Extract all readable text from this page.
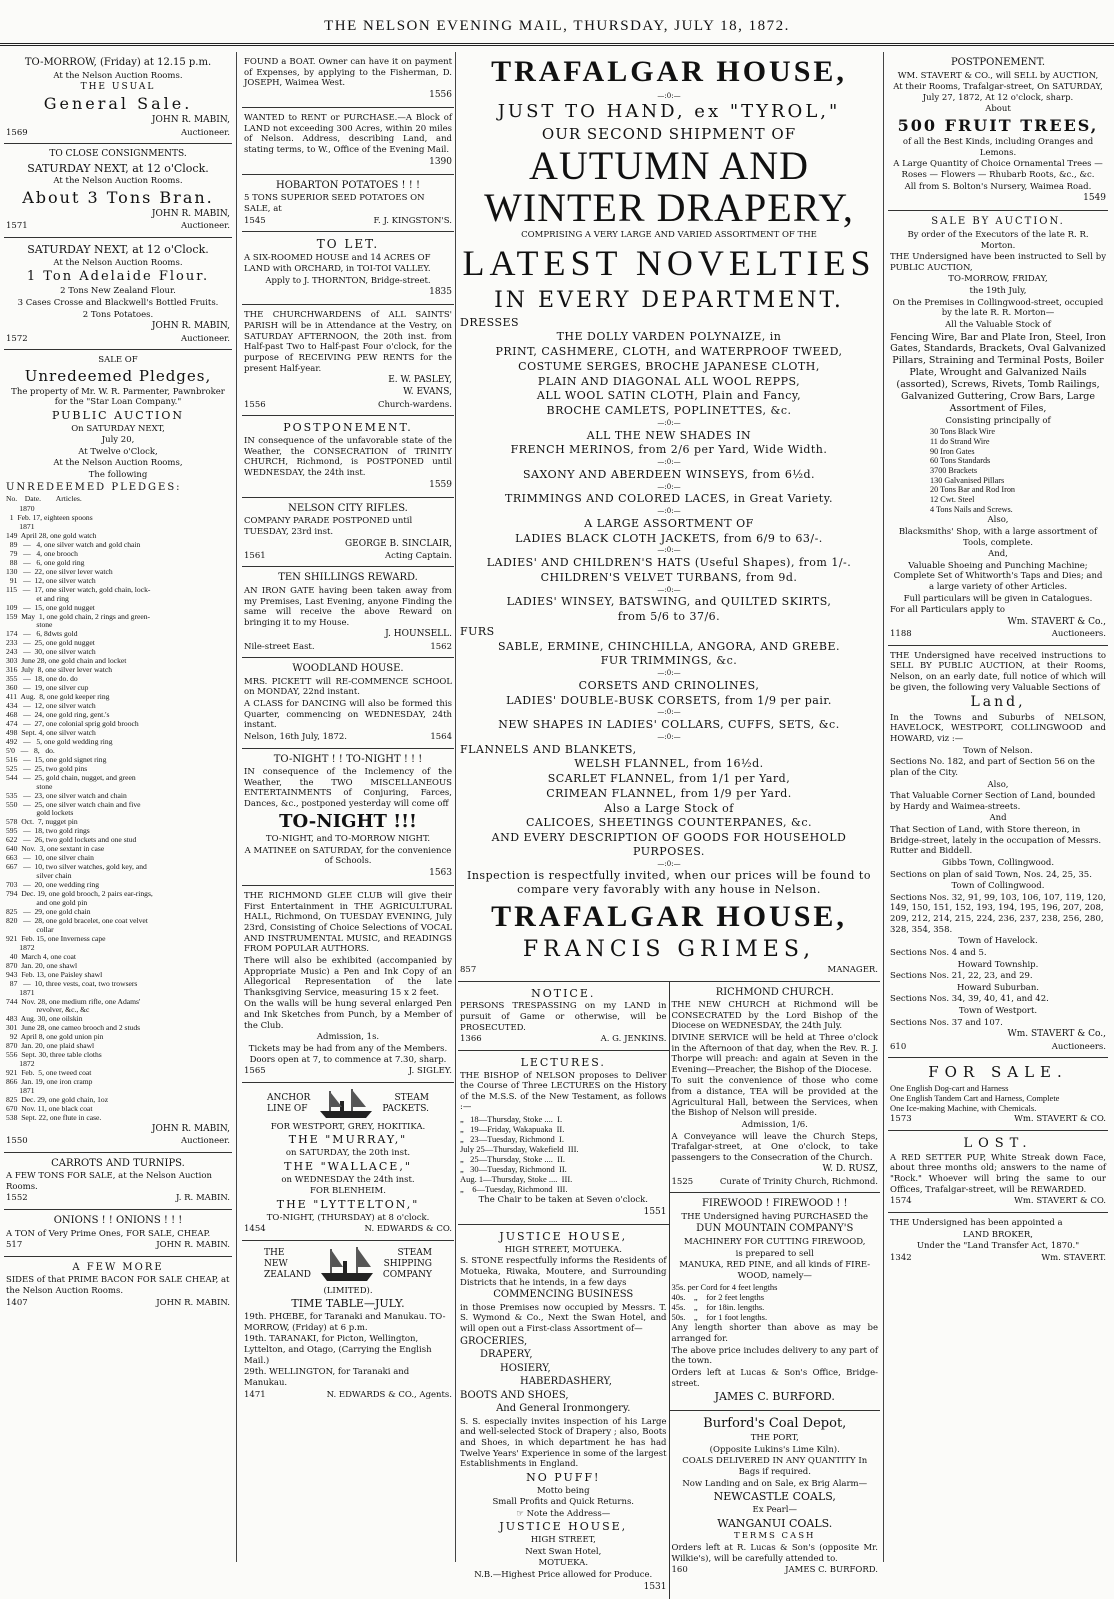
THE NELSON EVENING MAIL, THURSDAY, JULY 18, 1872.

TO-MORROW, (Friday) at 12.15 p.m.

At the Nelson Auction Rooms.

THE USUAL

General Sale.

JOHN R. MABIN,

1569	Auctioneer.

TO CLOSE CONSIGNMENTS.

SATURDAY NEXT, at 12 o'Clock.

At the Nelson Auction Rooms.

About 3 Tons Bran.

JOHN R. MABIN,

1571	Auctioneer.

SATURDAY NEXT, at 12 o'Clock.

At the Nelson Auction Rooms.

1 Ton Adelaide Flour.

2 Tons New Zealand Flour.

3 Cases Crosse and Blackwell's Bottled Fruits.

2 Tons Potatoes.

JOHN R. MABIN,

1572	Auctioneer.

SALE OF

Unredeemed Pledges,

The property of Mr. W. R. Parmenter, Pawnbroker for the "Star Loan Company."

PUBLIC AUCTION

On SATURDAY NEXT,

July 20,

At Twelve o'Clock,

At the Nelson Auction Rooms,

The following

UNREDEEMED PLEDGES:

No.    Date.        Articles.

1870
1  Feb. 17, eighteen spoons
1871
149  April 28, one gold watch
89   —   4, one silver watch and gold chain
79   —   4, one brooch
88   —   6, one gold ring
130   —  22, one silver lever watch
91   —  12, one silver watch
115   —  17, one silver watch, gold chain, lock-
et and ring
109   —  15, one gold nugget
159  May  1, one gold chain, 2 rings and green-
stone
174   —   6, 8dwts gold
233   —  25, one gold nugget
243   —  30, one silver watch
303  June 28, one gold chain and locket
316  July  8, one silver lever watch
355   —  18, one do. do
360   —  19, one silver cup
411  Aug.  8, one gold keeper ring
434   —  12, one silver watch
468   —  24, one gold ring, gent.'s
474   —  27, one colonial sprig gold brooch
498  Sept. 4, one silver watch
492   —   5, one gold wedding ring
5'0   —   8,   do.
516   —  15, one gold signet ring
525   —  25, two gold pins
544   —  25, gold chain, nugget, and green
stone
535   —  23, one silver watch and chain
550   —  25, one silver watch chain and five
gold lockets
578  Oct.  7, nugget pin
595   —  18, two gold rings
622   —  26, two gold lockets and one stud
640  Nov.  3, one sextant in case
663   —  10, one silver chain
667   —  10, two silver watches, gold key, and
silver chain
703   —  20, one wedding ring
794  Dec. 19, one gold brooch, 2 pairs ear-rings,
and one gold pin
825   —  29, one gold chain
820   —  28, one gold bracelet, one coat velvet
collar
921  Feb. 15, one Inverness cape
1872
40  March 4, one coat
870  Jan. 20, one shawl
943  Feb. 13, one Paisley shawl
87   —  10, three vests, coat, two trowsers
1871
744  Nov. 28, one medium rifle, one Adams'
revolver, &c., &c
483  Aug. 30, one oilskin
301  June 28, one cameo brooch and 2 studs
92  April 8, one gold union pin
870  Jan. 20, one plaid shawl
556  Sept. 30, three table cloths
1872
921  Feb.  5, one tweed coat
866  Jan. 19, one iron cramp
1871
825  Dec. 29, one gold chain, 1oz
670  Nov. 11, one black coat
538  Sept. 22, one flute in case.

JOHN R. MABIN,

1550	Auctioneer.

CARROTS AND TURNIPS.

A FEW TONS FOR SALE, at the Nelson Auction Rooms.

1552	J. R. MABIN.

ONIONS ! ! ONIONS ! ! !

A TON of Very Prime Ones, FOR SALE, CHEAP.

517	JOHN R. MABIN.

A FEW MORE

SIDES of that PRIME BACON FOR SALE CHEAP, at the Nelson Auction Rooms.

1407	JOHN R. MABIN.

FOUND a BOAT. Owner can have it on payment of Expenses, by applying to the Fisherman, D. JOSEPH, Waimea West.

1556

WANTED to RENT or PURCHASE.—A Block of LAND not exceeding 300 Acres, within 20 miles of Nelson. Address, describing Land, and stating terms, to W., Office of the Evening Mail.

1390

HOBARTON POTATOES ! ! !

5 TONS SUPERIOR SEED POTATOES ON SALE, at

1545	F. J. KINGSTON'S.

TO LET.

A SIX-ROOMED HOUSE and 14 ACRES OF LAND with ORCHARD, in TOI-TOI VALLEY.

Apply to J. THORNTON, Bridge-street.

1835

THE CHURCHWARDENS of ALL SAINTS' PARISH will be in Attendance at the Vestry, on SATURDAY AFTERNOON, the 20th inst. from Half-past Two to Half-past Four o'clock, for the purpose of RECEIVING PEW RENTS for the present Half-year.

E. W. PASLEY,

W. EVANS,

1556	Church-wardens.

POSTPONEMENT.

IN consequence of the unfavorable state of the Weather, the CONSECRATION of TRINITY CHURCH, Richmond, is POSTPONED until WEDNESDAY, the 24th inst.

1559

NELSON CITY RIFLES.

COMPANY PARADE POSTPONED until TUESDAY, 23rd inst.

GEORGE B. SINCLAIR,

1561	Acting Captain.

TEN SHILLINGS REWARD.

AN IRON GATE having been taken away from my Premises, Last Evening, anyone Finding the same will receive the above Reward on bringing it to my House.

J. HOUNSELL.

Nile-street East.	1562

WOODLAND HOUSE.

MRS. PICKETT will RE-COMMENCE SCHOOL on MONDAY, 22nd instant.

A CLASS for DANCING will also be formed this Quarter, commencing on WEDNESDAY, 24th instant.

Nelson, 16th July, 1872.	1564

TO-NIGHT ! ! TO-NIGHT ! ! !

IN consequence of the Inclemency of the Weather, the TWO MISCELLANEOUS ENTERTAINMENTS of Conjuring, Farces, Dances, &c., postponed yesterday will come off

TO-NIGHT !!!

TO-NIGHT, and TO-MORROW NIGHT.

A MATINEE on SATURDAY, for the convenience of Schools.

1563

THE RICHMOND GLEE CLUB will give their First Entertainment in THE AGRICULTURAL HALL, Richmond, On TUESDAY EVENING, July 23rd, Consisting of Choice Selections of VOCAL AND INSTRUMENTAL MUSIC, and READINGS FROM POPULAR AUTHORS.

There will also be exhibited (accompanied by Appropriate Music) a Pen and Ink Copy of an Allegorical Representation of the late Thanksgiving Service, measuring 15 x 2 feet.

On the walls will be hung several enlarged Pen and Ink Sketches from Punch, by a Member of the Club.

Admission, 1s.

Tickets may be had from any of the Members. Doors open at 7, to commence at 7.30, sharp.

1565	J. SIGLEY.
ANCHOR
LINE OF
STEAM
PACKETS.

FOR WESTPORT, GREY, HOKITIKA.

THE "MURRAY,"

on SATURDAY, the 20th inst.

THE "WALLACE,"

on WEDNESDAY the 24th inst.

FOR BLENHEIM.

THE "LYTTELTON,"

TO-NIGHT, (THURSDAY) at 8 o'clock.

1454	N. EDWARDS & CO.
THE
NEW
ZEALAND
STEAM
SHIPPING
COMPANY

(LIMITED).

TIME TABLE—JULY.

19th. PHŒBE, for Taranaki and Manukau. TO-MORROW, (Friday) at 6 p.m.

19th. TARANAKI, for Picton, Wellington, Lyttelton, and Otago, (Carrying the English Mail.)

29th. WELLINGTON, for Taranaki and Manukau.

1471	N. EDWARDS & CO., Agents.

TRAFALGAR HOUSE,

—:0:—

JUST TO HAND, ex "TYROL,"

OUR SECOND SHIPMENT OF

AUTUMN AND WINTER DRAPERY,

COMPRISING A VERY LARGE AND VARIED ASSORTMENT OF THE

LATEST NOVELTIES

IN EVERY DEPARTMENT.

DRESSES

THE DOLLY VARDEN POLYNAIZE, in

PRINT, CASHMERE, CLOTH, and WATERPROOF TWEED,

COSTUME SERGES, BROCHE JAPANESE CLOTH,

PLAIN AND DIAGONAL ALL WOOL REPPS,

ALL WOOL SATIN CLOTH, Plain and Fancy,

BROCHE CAMLETS, POPLINETTES, &c.

—:0:—

ALL THE NEW SHADES IN

FRENCH MERINOS, from 2/6 per Yard, Wide Width.

—:0:—

SAXONY AND ABERDEEN WINSEYS, from 6½d.

—:0:—

TRIMMINGS AND COLORED LACES, in Great Variety.

—:0:—

A LARGE ASSORTMENT OF

LADIES BLACK CLOTH JACKETS, from 6/9 to 63/-.

—:0:—

LADIES' AND CHILDREN'S HATS (Useful Shapes), from 1/-.

CHILDREN'S VELVET TURBANS, from 9d.

—:0:—

LADIES' WINSEY, BATSWING, and QUILTED SKIRTS,

from 5/6 to 37/6.

FURS

SABLE, ERMINE, CHINCHILLA, ANGORA, AND GREBE.

FUR TRIMMINGS, &c.

—:0:—

CORSETS AND CRINOLINES,

LADIES' DOUBLE-BUSK CORSETS, from 1/9 per pair.

—:0:—

NEW SHAPES IN LADIES' COLLARS, CUFFS, SETS, &c.

—:0:—

FLANNELS AND BLANKETS,

WELSH FLANNEL, from 16½d.

SCARLET FLANNEL, from 1/1 per Yard,

CRIMEAN FLANNEL, from 1/9 per Yard.

Also a Large Stock of

CALICOES, SHEETINGS COUNTERPANES, &c.

AND EVERY DESCRIPTION OF GOODS FOR HOUSEHOLD PURPOSES.

—:0:—

Inspection is respectfully invited, when our prices will be found to compare very favorably with any house in Nelson.

TRAFALGAR HOUSE,

FRANCIS GRIMES,

857	MANAGER.

NOTICE.

PERSONS TRESPASSING on my LAND in pursuit of Game or otherwise, will be PROSECUTED.

1366	A. G. JENKINS.

LECTURES.

THE BISHOP of NELSON proposes to Deliver the Course of Three LECTURES on the History of the M.S.S. of the New Testament, as follows :—

„   18—Thursday, Stoke ....  I.
„   19—Friday, Wakapuaka  II.
„   23—Tuesday, Richmond  I.
July 25—Thursday, Wakefield  III.
„   25—Thursday, Stoke ....  II.
„   30—Tuesday, Richmond  II.
Aug. 1—Thursday, Stoke ....  III.
„    6—Tuesday, Richmond  III.

The Chair to be taken at Seven o'clock.

1551

JUSTICE HOUSE,

HIGH STREET, MOTUEKA.

S. STONE respectfully informs the Residents of Motueka, Riwaka, Moutere, and Surrounding Districts that he intends, in a few days

COMMENCING BUSINESS

in those Premises now occupied by Messrs. T. S. Wymond & Co., Next the Swan Hotel, and will open out a First-class Assortment of—

GROCERIES,

DRAPERY,

HOSIERY,

HABERDASHERY,

BOOTS AND SHOES,

And General Ironmongery.

S. S. especially invites inspection of his Large and well-selected Stock of Drapery ; also, Boots and Shoes, in which department he has had Twelve Years' Experience in some of the largest Establishments in England.

NO PUFF!

Motto being

Small Profits and Quick Returns.

☞ Note the Address—

JUSTICE HOUSE,

HIGH STREET,

Next Swan Hotel,

MOTUEKA.

N.B.—Highest Price allowed for Produce.

1531

RICHMOND CHURCH.

THE NEW CHURCH at Richmond will be CONSECRATED by the Lord Bishop of the Diocese on WEDNESDAY, the 24th July.

DIVINE SERVICE will be held at Three o'clock in the Afternoon of that day, when the Rev. R. J. Thorpe will preach: and again at Seven in the Evening—Preacher, the Bishop of the Diocese.

To suit the convenience of those who come from a distance, TEA will be provided at the Agricultural Hall, between the Services, when the Bishop of Nelson will preside.

Admission, 1/6.

A Conveyance will leave the Church Steps, Trafalgar-street, at One o'clock, to take passengers to the Consecration of the Church.

W. D. RUSZ,

1525	Curate of Trinity Church, Richmond.

FIREWOOD ! FIREWOOD ! !

THE Undersigned having PURCHASED the

DUN MOUNTAIN COMPANY'S

MACHINERY FOR CUTTING FIREWOOD,

is prepared to sell

MANUKA, RED PINE, and all kinds of FIRE-WOOD, namely—

35s. per Cord for 4 feet lengths
40s.    „    for 2 feet lengths
45s.    „    for 18in. lengths.
50s.    „    for 1 foot lengths.

Any length shorter than above as may be arranged for.

The above price includes delivery to any part of the town.

Orders left at Lucas & Son's Office, Bridge-street.

JAMES C. BURFORD.

Burford's Coal Depot,

THE PORT,

(Opposite Lukins's Lime Kiln).

COALS DELIVERED IN ANY QUANTITY In Bags if required.

Now Landing and on Sale, ex Brig Alarm—

NEWCASTLE COALS,

Ex Pearl—

WANGANUI COALS.

TERMS CASH

Orders left at R. Lucas & Son's (opposite Mr. Wilkie's), will be carefully attended to.

160	JAMES C. BURFORD.

POSTPONEMENT.

WM. STAVERT & CO., will SELL by AUCTION,

At their Rooms, Trafalgar-street, On SATURDAY, July 27, 1872, At 12 o'clock, sharp.

About

500 FRUIT TREES,

of all the Best Kinds, including Oranges and Lemons.

A Large Quantity of Choice Ornamental Trees — Roses — Flowers — Rhubarb Roots, &c., &c.

All from S. Bolton's Nursery, Waimea Road.

1549

SALE BY AUCTION.

By order of the Executors of the late R. R. Morton.

THE Undersigned have been instructed to Sell by PUBLIC AUCTION,

TO-MORROW, FRIDAY,

the 19th July,

On the Premises in Collingwood-street, occupied by the late R. R. Morton—

All the Valuable Stock of

Fencing Wire, Bar and Plate Iron, Steel, Iron Gates, Standards, Brackets, Oval Galvanized Pillars, Straining and Terminal Posts, Boiler Plate, Wrought and Galvanized Nails (assorted), Screws, Rivets, Tomb Railings, Galvanized Guttering, Crow Bars, Large Assortment of Files,

Consisting principally of

30 Tons Black Wire
11 do Strand Wire
90 Iron Gates
60 Tons Standards
3700 Brackets
130 Galvanised Pillars
20 Tons Bar and Rod Iron
12 Cwt. Steel
4 Tons Nails and Screws.

Also,

Blacksmiths' Shop, with a large assortment of Tools, complete.

And,

Valuable Shoeing and Punching Machine; Complete Set of Whitworth's Taps and Dies; and a large variety of other Articles.

Full particulars will be given in Catalogues.

For all Particulars apply to

Wm. STAVERT & Co.,

1188	Auctioneers.

THE Undersigned have received instructions to SELL BY PUBLIC AUCTION, at their Rooms, Nelson, on an early date, full notice of which will be given, the following very Valuable Sections of

Land,

In the Towns and Suburbs of NELSON, HAVELOCK, WESTPORT, COLLINGWOOD and HOWARD, viz :—

Town of Nelson.

Sections No. 182, and part of Section 56 on the plan of the City.

Also,

That Valuable Corner Section of Land, bounded by Hardy and Waimea-streets.

And

That Section of Land, with Store thereon, in Bridge-street, lately in the occupation of Messrs. Rutter and Biddell.

Gibbs Town, Collingwood.

Sections on plan of said Town, Nos. 24, 25, 35.

Town of Collingwood.

Sections Nos. 32, 91, 99, 103, 106, 107, 119, 120, 149, 150, 151, 152, 193, 194, 195, 196, 207, 208, 209, 212, 214, 215, 224, 236, 237, 238, 256, 280, 328, 354, 358.

Town of Havelock.

Sections Nos. 4 and 5.

Howard Township.

Sections Nos. 21, 22, 23, and 29.

Howard Suburban.

Sections Nos. 34, 39, 40, 41, and 42.

Town of Westport.

Sections Nos. 37 and 107.

Wm. STAVERT & Co.,

610	Auctioneers.

FOR SALE.

One English Dog-cart and Harness
One English Tandem Cart and Harness, Complete
One Ice-making Machine, with Chemicals.

1573	Wm. STAVERT & CO.

LOST.

A RED SETTER PUP, White Streak down Face, about three months old; answers to the name of "Rock." Whoever will bring the same to our Offices, Trafalgar-street, will be REWARDED.

1574	Wm. STAVERT & CO.

THE Undersigned has been appointed a

LAND BROKER,

Under the "Land Transfer Act, 1870."

1342	Wm. STAVERT.
